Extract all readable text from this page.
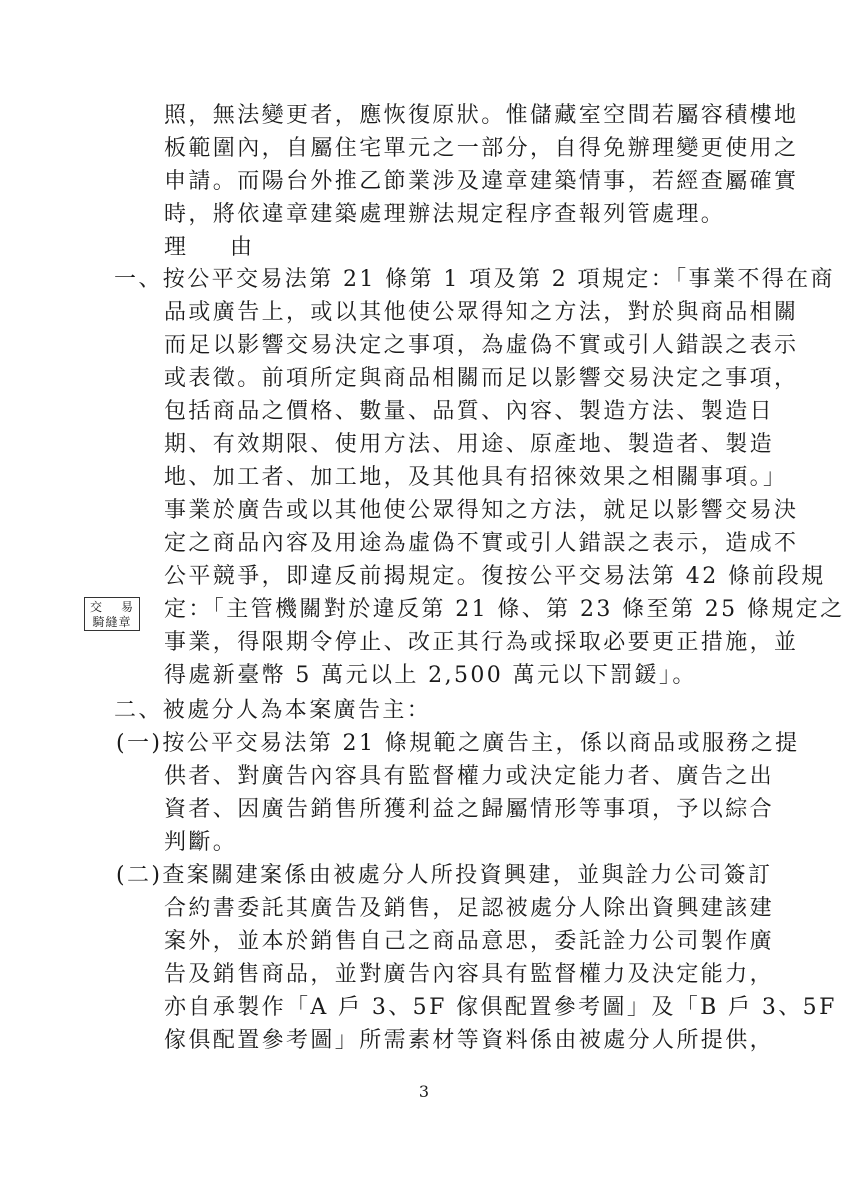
照，無法變更者，應恢復原狀。惟儲藏室空間若屬容積樓地
板範圍內，自屬住宅單元之一部分，自得免辦理變更使用之
申請。而陽台外推乙節業涉及違章建築情事，若經查屬確實
時，將依違章建築處理辦法規定程序查報列管處理。
理 由
一、按公平交易法第 21 條第 1 項及第 2 項規定：「事業不得在商
品或廣告上，或以其他使公眾得知之方法，對於與商品相關
而足以影響交易決定之事項，為虛偽不實或引人錯誤之表示
或表徵。前項所定與商品相關而足以影響交易決定之事項，
包括商品之價格、數量、品質、內容、製造方法、製造日
期、有效期限、使用方法、用途、原產地、製造者、製造
地、加工者、加工地，及其他具有招徠效果之相關事項。」
事業於廣告或以其他使公眾得知之方法，就足以影響交易決
定之商品內容及用途為虛偽不實或引人錯誤之表示，造成不
公平競爭，即違反前揭規定。復按公平交易法第 42 條前段規
定：「主管機關對於違反第 21 條、第 23 條至第 25 條規定之
事業，得限期令停止、改正其行為或採取必要更正措施，並
得處新臺幣 5 萬元以上 2,500 萬元以下罰鍰」。
交 易
騎縫章
二、被處分人為本案廣告主：
(一)按公平交易法第 21 條規範之廣告主，係以商品或服務之提
供者、對廣告內容具有監督權力或決定能力者、廣告之出
資者、因廣告銷售所獲利益之歸屬情形等事項，予以綜合
判斷。
(二)查案關建案係由被處分人所投資興建，並與詮力公司簽訂
合約書委託其廣告及銷售，足認被處分人除出資興建該建
案外，並本於銷售自己之商品意思，委託詮力公司製作廣
告及銷售商品，並對廣告內容具有監督權力及決定能力，
亦自承製作「A 戶 3、5F 傢俱配置參考圖」及「B 戶 3、5F
傢俱配置參考圖」所需素材等資料係由被處分人所提供，
3
